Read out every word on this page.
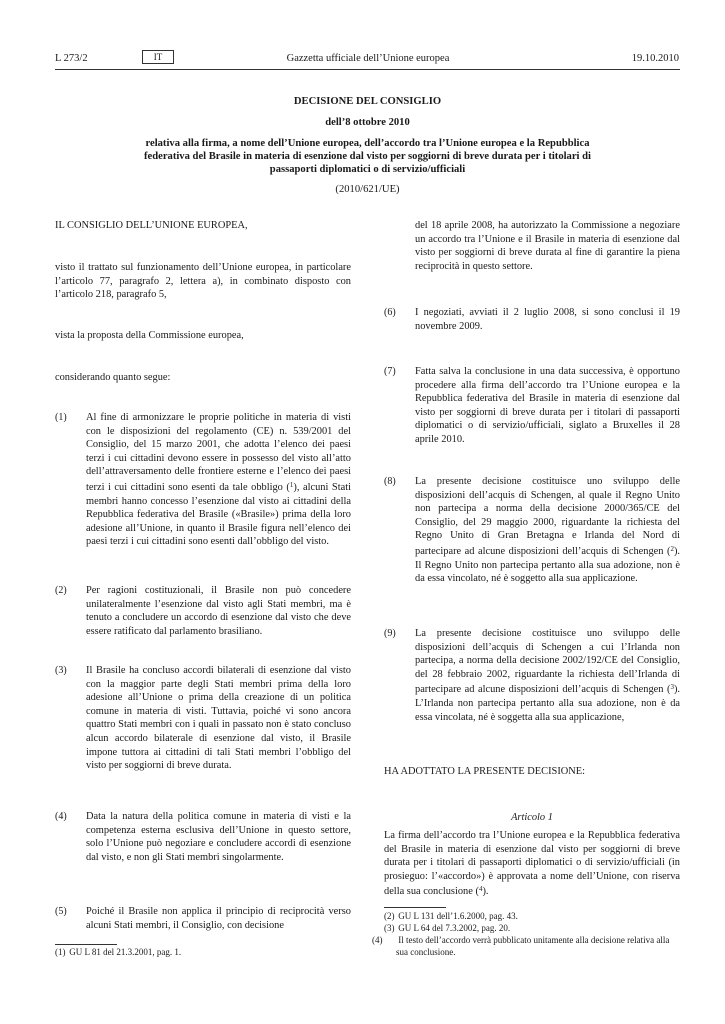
L 273/2	IT	Gazzetta ufficiale dell’Unione europea	19.10.2010
DECISIONE DEL CONSIGLIO
dell’8 ottobre 2010
relativa alla firma, a nome dell’Unione europea, dell’accordo tra l’Unione europea e la Repubblica
federativa del Brasile in materia di esenzione dal visto per soggiorni di breve durata per i titolari di
passaporti diplomatici o di servizio/ufficiali
(2010/621/UE)
IL CONSIGLIO DELL’UNIONE EUROPEA,
visto il trattato sul funzionamento dell’Unione europea, in particolare l’articolo 77, paragrafo 2, lettera a), in combinato disposto con l’articolo 218, paragrafo 5,
vista la proposta della Commissione europea,
considerando quanto segue:
(1)	Al fine di armonizzare le proprie politiche in materia di visti con le disposizioni del regolamento (CE) n. 539/2001 del Consiglio, del 15 marzo 2001, che adotta l’elenco dei paesi terzi i cui cittadini devono essere in possesso del visto all’atto dell’attraversamento delle frontiere esterne e l’elenco dei paesi terzi i cui cittadini sono esenti da tale obbligo ($^1$), alcuni Stati membri hanno concesso l’esenzione dal visto ai cittadini della Repubblica federativa del Brasile («Brasile») prima della loro adesione all’Unione, in quanto il Brasile figura nell’elenco dei paesi terzi i cui cittadini sono esenti dall’obbligo del visto.
(2)	Per ragioni costituzionali, il Brasile non può concedere unilateralmente l’esenzione dal visto agli Stati membri, ma è tenuto a concludere un accordo di esenzione dal visto che deve essere ratificato dal parlamento brasiliano.
(3)	Il Brasile ha concluso accordi bilaterali di esenzione dal visto con la maggior parte degli Stati membri prima della loro adesione all’Unione o prima della creazione di un politica comune in materia di visti. Tuttavia, poiché vi sono ancora quattro Stati membri con i quali in passato non è stato concluso alcun accordo bilaterale di esenzione dal visto, il Brasile impone tuttora ai cittadini di tali Stati membri l’obbligo del visto per soggiorni di breve durata.
(4)	Data la natura della politica comune in materia di visti e la competenza esterna esclusiva dell’Unione in questo settore, solo l’Unione può negoziare e concludere accordi di esenzione dal visto, e non gli Stati membri singolarmente.
(5)	Poiché il Brasile non applica il principio di reciprocità verso alcuni Stati membri, il Consiglio, con decisione
(1) GU L 81 del 21.3.2001, pag. 1.
del 18 aprile 2008, ha autorizzato la Commissione a negoziare un accordo tra l’Unione e il Brasile in materia di esenzione dal visto per soggiorni di breve durata al fine di garantire la piena reciprocità in questo settore.
(6)	I negoziati, avviati il 2 luglio 2008, si sono conclusi il 19 novembre 2009.
(7)	Fatta salva la conclusione in una data successiva, è opportuno procedere alla firma dell’accordo tra l’Unione europea e la Repubblica federativa del Brasile in materia di esenzione dal visto per soggiorni di breve durata per i titolari di passaporti diplomatici o di servizio/ufficiali, siglato a Bruxelles il 28 aprile 2010.
(8)	La presente decisione costituisce uno sviluppo delle disposizioni dell’acquis di Schengen, al quale il Regno Unito non partecipa a norma della decisione 2000/365/CE del Consiglio, del 29 maggio 2000, riguardante la richiesta del Regno Unito di Gran Bretagna e Irlanda del Nord di partecipare ad alcune disposizioni dell’acquis di Schengen ($^2$). Il Regno Unito non partecipa pertanto alla sua adozione, non è da essa vincolato, né è soggetto alla sua applicazione.
(9)	La presente decisione costituisce uno sviluppo delle disposizioni dell’acquis di Schengen a cui l’Irlanda non partecipa, a norma della decisione 2002/192/CE del Consiglio, del 28 febbraio 2002, riguardante la richiesta dell’Irlanda di partecipare ad alcune disposizioni dell’acquis di Schengen ($^3$). L’Irlanda non partecipa pertanto alla sua adozione, non è da essa vincolata, né è soggetta alla sua applicazione,
HA ADOTTATO LA PRESENTE DECISIONE:
Articolo 1
La firma dell’accordo tra l’Unione europea e la Repubblica federativa del Brasile in materia di esenzione dal visto per soggiorni di breve durata per i titolari di passaporti diplomatici o di servizio/ufficiali (in prosieguo: l’«accordo») è approvata a nome dell’Unione, con riserva della sua conclusione ($^4$).
(2) GU L 131 dell’1.6.2000, pag. 43.
(3) GU L 64 del 7.3.2002, pag. 20.
(4) Il testo dell’accordo verrà pubblicato unitamente alla decisione relativa alla sua conclusione.
